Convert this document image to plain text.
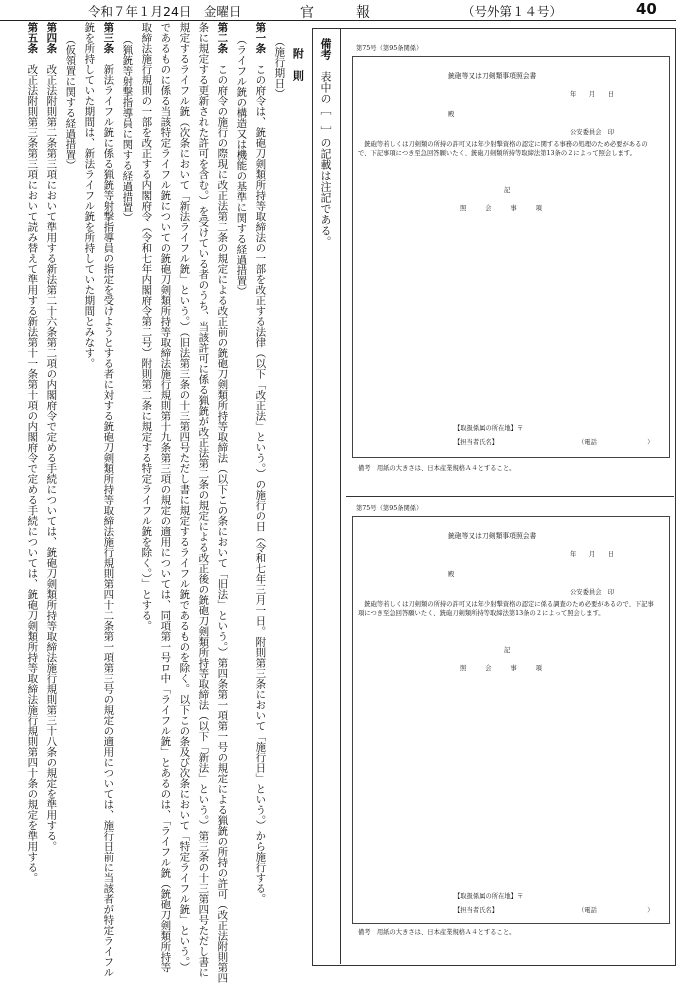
令和７年１月24日　金曜日	官　　　報	（号外第１４号）	40
附　則
（施行期日）
第一条　この府令は、銃砲刀剣類所持等取締法の一部を改正する法律（以下「改正法」という。）の施行の日（令和七年三月一日。附則第三条において「施行日」という。）から施行する。
（ライフル銃の構造又は機能の基準に関する経過措置）
第二条　この府令の施行の際現に改正法第二条の規定による改正前の銃砲刀剣類所持等取締法（以下この条において「旧法」という。）第四条第一項第一号の規定による猟銃の所持の許可（改正法附則第四
条に規定する更新された許可を含む。）を受けている者のうち、当該許可に係る猟銃が改正法第二条の規定による改正後の銃砲刀剣類所持等取締法（以下「新法」という。）第三条の十三第四号ただし書に
規定するライフル銃（次条において「新法ライフル銃」という。）（旧法第三条の十三第四号ただし書に規定するライフル銃であるものを除く。以下この条及び次条において「特定ライフル銃」という。）
であるものに係る当該特定ライフル銃についての銃砲刀剣類所持等取締法施行規則第十九条第三項の規定の適用については、同項第一号ロ中「ライフル銃」とあるのは、「ライフル銃（銃砲刀剣類所持等
取締法施行規則の一部を改正する内閣府令（令和七年内閣府令第二号）附則第二条に規定する特定ライフル銃を除く。）」とする。
（猟銃等射撃指導員に関する経過措置）
第三条　新法ライフル銃に係る猟銃等射撃指導員の指定を受けようとする者に対する銃砲刀剣類所持等取締法施行規則第四十二条第一項第三号の規定の適用については、施行日前に当該者が特定ライフル
銃を所持していた期間は、新法ライフル銃を所持していた期間とみなす。
（仮領置に関する経過措置）
第四条　改正法附則第二条第三項において準用する新法第二十六条第二項の内閣府令で定める手続については、銃砲刀剣類所持等取締法施行規則第三十八条の規定を準用する。
第五条　改正法附則第三条第三項において読み替えて準用する新法第十一条第十項の内閣府令で定める手続については、銃砲刀剣類所持等取締法施行規則第四十条の規定を準用する。
備考　表中の［　］の記載は注記である。
第75号（第95条関係）
銃砲等又は刀剣類事項照会書
年　　月　　日
殿
公安委員会　印
　銃砲等若しくは刀剣類の所持の許可又は年少射撃資格の認定に関する事務の処理のため必要があるので、下記事項につき至急回答願いたく、銃砲刀剣類所持等取締法第13条の２によって照会します。
記
照　　　会　　　事　　　項
【取扱係属の所在地】〒
【担当者氏名】	（電話　　　　　　　　）
備考　用紙の大きさは、日本産業規格Ａ４とすること。
第75号（第95条関係）
銃砲等又は刀剣類事項照会書
年　　月　　日
殿
公安委員会　印
　銃砲等若しくは刀剣類の所持の許可又は年少射撃資格の認定に係る調査のため必要があるので、下記事項につき至急回答願いたく、銃砲刀剣類所持等取締法第13条の２によって照会します。
記
照　　　会　　　事　　　項
【取扱係属の所在地】〒
【担当者氏名】	（電話　　　　　　　　）
備考　用紙の大きさは、日本産業規格Ａ４とすること。
